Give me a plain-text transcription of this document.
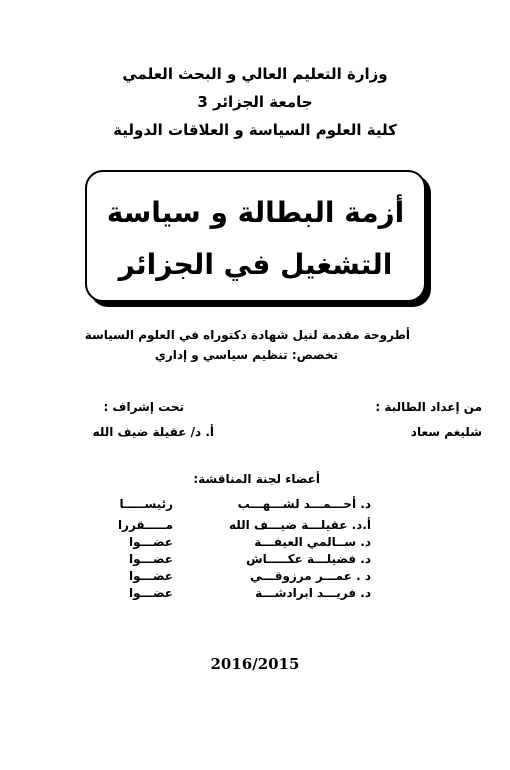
وزارة التعليم العالي و البحث العلمي
جامعة الجزائر 3
كلية العلوم السياسة و العلاقات الدولية
أزمة البطالة و سياسة
التشغيل في الجزائر
أطروحة مقدمة لنيل شهادة دكتوراه في العلوم السياسة
تخصص: تنظيم سياسي و إداري
من إعداد الطالبة :
تحت إشراف :
شليغم سعاد
أ. د/ عقيلة ضيف الله
أعضاء لجنة المناقشة:
د. أحـــمـــد لشـــهـــب
رئيســـــا
أ.د. عقيلـــة ضيـــف الله
مـــــقررا
د. ســالمي العيفـــة
عضـــوا
د. فضيلـــة عكـــــاش
عضـــوا
د . عمـــر مرزوقـــي
عضـــوا
د. فريـــد ابرادشـــة
عضـــوا
2016/2015
